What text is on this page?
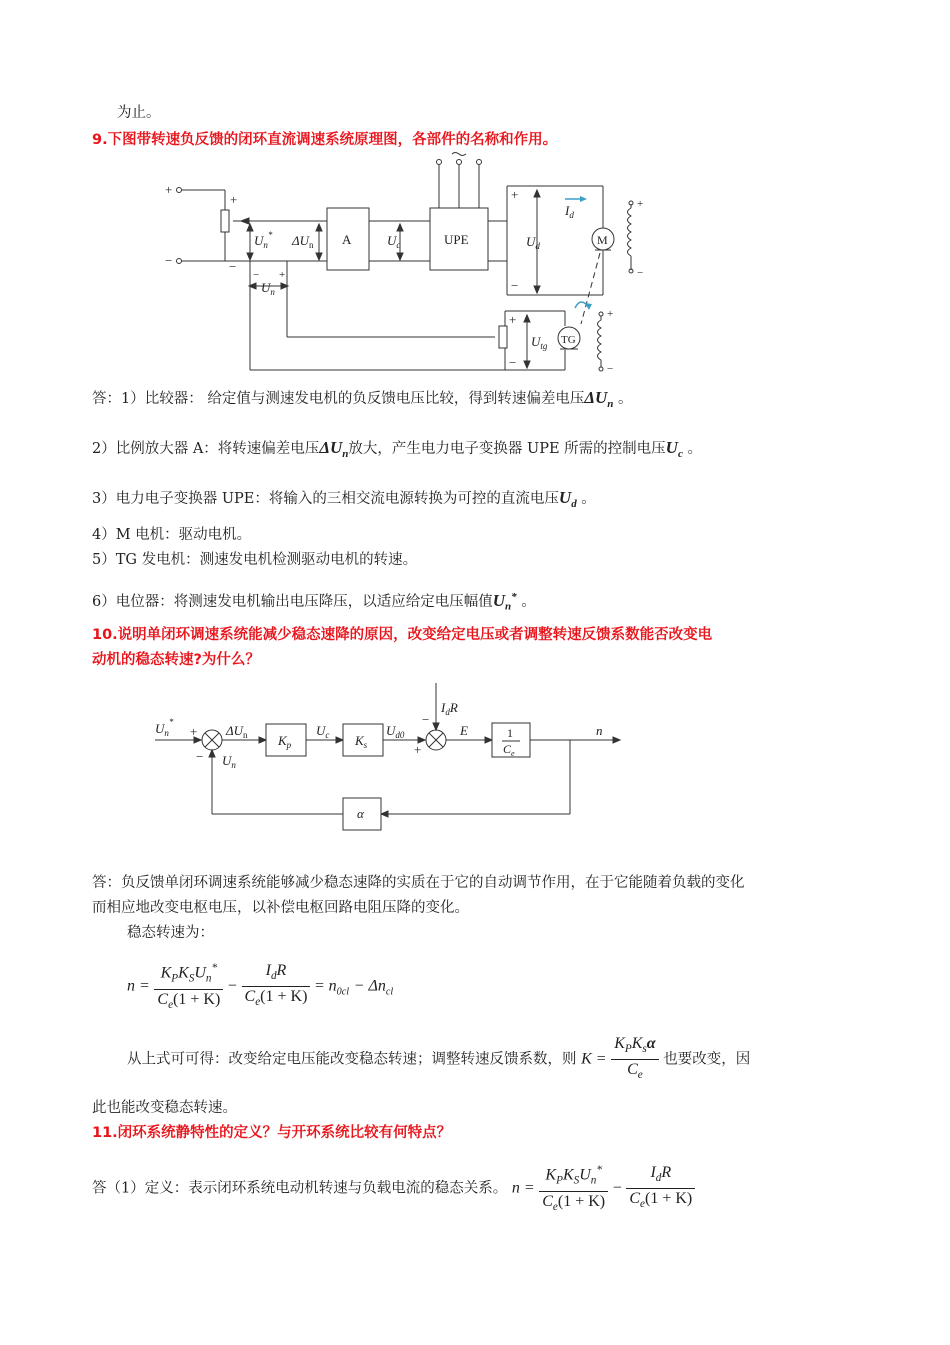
为止。
9.下图带转速负反馈的闭环直流调速系统原理图，各部件的名称和作用。
+
−
+
−
$U_n^*$ $\Delta U_n$ A	$U_c$	UPE
+
−
$U_d$
$I_d$
M
+
−
TG
+
−
$U_{tg}$
+
−
− +
$U_n$
答：1）比较器： 给定值与测速发电机的负反馈电压比较，得到转速偏差电压$\Delta U_n$ 。
2）比例放大器 A：将转速偏差电压$\Delta U_n$放大，产生电力电子变换器 UPE 所需的控制电压$U_c$ 。
3）电力电子变换器 UPE：将输入的三相交流电源转换为可控的直流电压$U_d$ 。
4）M 电机：驱动电机。
5）TG 发电机：测速发电机检测驱动电机的转速。
6）电位器：将测速发电机输出电压降压，以适应给定电压幅值$U_n^*$ 。
10.说明单闭环调速系统能减少稳态速降的原因，改变给定电压或者调整转速反馈系数能否改变电
动机的稳态转速?为什么？
$U_n^*$
+
−
$\Delta U_n$
$U_n$
$K_p$
$U_c$ $K_s$
$U_{d0}$
+
−
$I_dR$
E	1
$C_e$
n
α
答：负反馈单闭环调速系统能够减少稳态速降的实质在于它的自动调节作用，在于它能随着负载的变化
而相应地改变电枢电压，以补偿电枢回路电阻压降的变化。
稳态转速为：
$n = \frac{K_PK_SU_n^*}{C_e(1 + K)} - \frac{I_dR}{C_e(1 + K)} = n_{0cl} - \Delta n_{cl}$
从上式可可得：改变给定电压能改变稳态转速；调整转速反馈系数，则 $K = \frac{K_PK_s\alpha}{C_e}$ 也要改变，因
此也能改变稳态转速。
11.闭环系统静特性的定义？与开环系统比较有何特点？
答（1）定义：表示闭环系统电动机转速与负载电流的稳态关系。 $n = \frac{K_PK_SU_n^*}{C_e(1 + K)} - \frac{I_dR}{C_e(1 + K)}$
